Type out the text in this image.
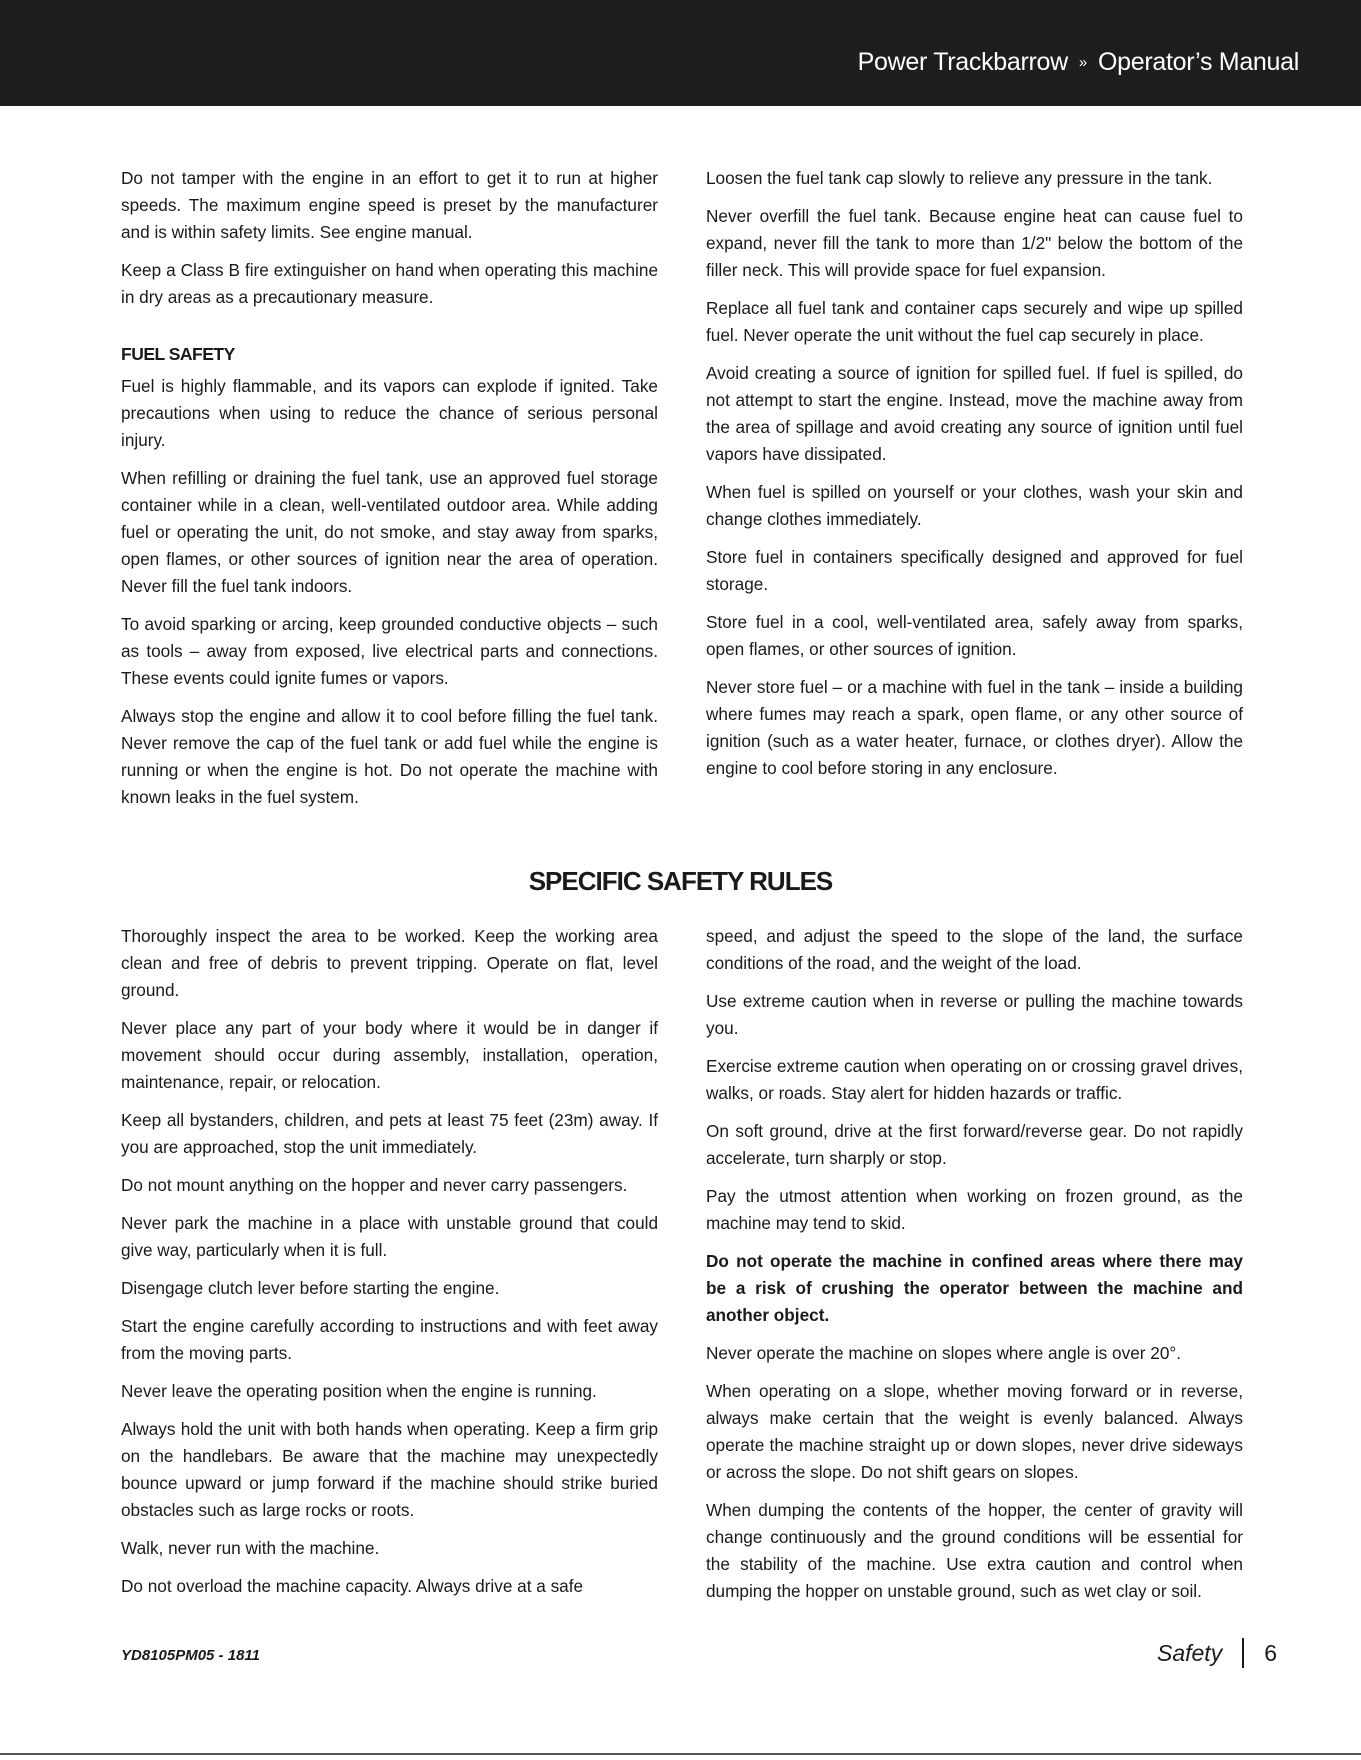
Power Trackbarrow » Operator’s Manual

Do not tamper with the engine in an effort to get it to run at higher speeds. The maximum engine speed is preset by the manufacturer and is within safety limits. See engine manual.

Keep a Class B fire extinguisher on hand when operating this machine in dry areas as a precautionary measure.

FUEL SAFETY

Fuel is highly flammable, and its vapors can explode if ignited. Take precautions when using to reduce the chance of serious personal injury.

When refilling or draining the fuel tank, use an approved fuel storage container while in a clean, well-ventilated outdoor area. While adding fuel or operating the unit, do not smoke, and stay away from sparks, open flames, or other sources of ignition near the area of operation. Never fill the fuel tank indoors.

To avoid sparking or arcing, keep grounded conductive objects – such as tools – away from exposed, live electrical parts and connections. These events could ignite fumes or vapors.

Always stop the engine and allow it to cool before filling the fuel tank. Never remove the cap of the fuel tank or add fuel while the engine is running or when the engine is hot. Do not operate the machine with known leaks in the fuel system.

Loosen the fuel tank cap slowly to relieve any pressure in the tank.

Never overfill the fuel tank. Because engine heat can cause fuel to expand, never fill the tank to more than 1/2" below the bottom of the filler neck. This will provide space for fuel expansion.

Replace all fuel tank and container caps securely and wipe up spilled fuel. Never operate the unit without the fuel cap securely in place.

Avoid creating a source of ignition for spilled fuel. If fuel is spilled, do not attempt to start the engine. Instead, move the machine away from the area of spillage and avoid creating any source of ignition until fuel vapors have dissipated.

When fuel is spilled on yourself or your clothes, wash your skin and change clothes immediately.

Store fuel in containers specifically designed and approved for fuel storage.

Store fuel in a cool, well-ventilated area, safely away from sparks, open flames, or other sources of ignition.

Never store fuel – or a machine with fuel in the tank – inside a building where fumes may reach a spark, open flame, or any other source of ignition (such as a water heater, furnace, or clothes dryer). Allow the engine to cool before storing in any enclosure.

SPECIFIC SAFETY RULES

Thoroughly inspect the area to be worked. Keep the working area clean and free of debris to prevent tripping. Operate on flat, level ground.

Never place any part of your body where it would be in danger if movement should occur during assembly, installation, operation, maintenance, repair, or relocation.

Keep all bystanders, children, and pets at least 75 feet (23m) away. If you are approached, stop the unit immediately.

Do not mount anything on the hopper and never carry passengers.

Never park the machine in a place with unstable ground that could give way, particularly when it is full.

Disengage clutch lever before starting the engine.

Start the engine carefully according to instructions and with feet away from the moving parts.

Never leave the operating position when the engine is running.

Always hold the unit with both hands when operating. Keep a firm grip on the handlebars. Be aware that the machine may unexpectedly bounce upward or jump forward if the machine should strike buried obstacles such as large rocks or roots.

Walk, never run with the machine.

Do not overload the machine capacity. Always drive at a safe

speed, and adjust the speed to the slope of the land, the surface conditions of the road, and the weight of the load.

Use extreme caution when in reverse or pulling the machine towards you.

Exercise extreme caution when operating on or crossing gravel drives, walks, or roads. Stay alert for hidden hazards or traffic.

On soft ground, drive at the first forward/reverse gear. Do not rapidly accelerate, turn sharply or stop.

Pay the utmost attention when working on frozen ground, as the machine may tend to skid.

Do not operate the machine in confined areas where there may be a risk of crushing the operator between the machine and another object.

Never operate the machine on slopes where angle is over 20°.

When operating on a slope, whether moving forward or in reverse, always make certain that the weight is evenly balanced. Always operate the machine straight up or down slopes, never drive sideways or across the slope. Do not shift gears on slopes.

When dumping the contents of the hopper, the center of gravity will change continuously and the ground conditions will be essential for the stability of the machine. Use extra caution and control when dumping the hopper on unstable ground, such as wet clay or soil.

YD8105PM05 - 1811	Safety 6
